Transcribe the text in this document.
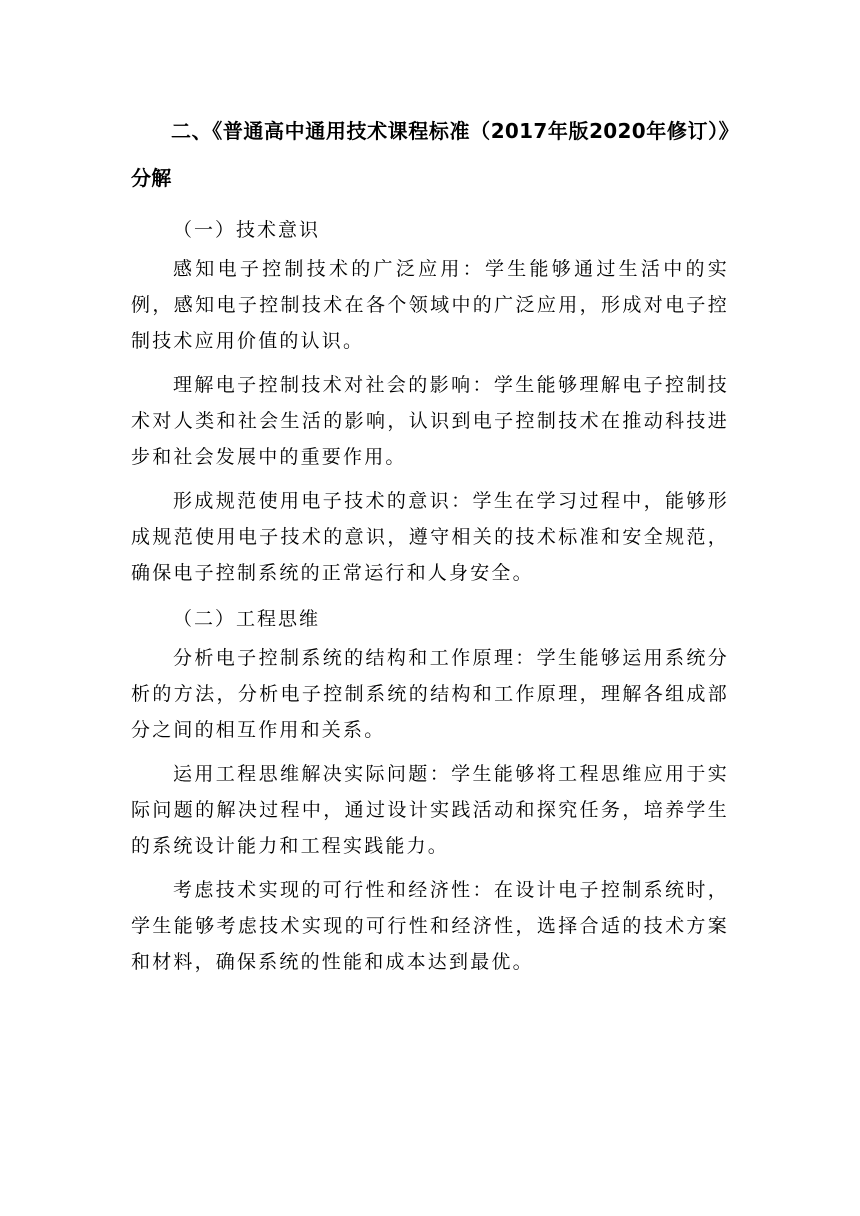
二、《普通高中通用技术课程标准（2017年版2020年修订）》分解
（一）技术意识

感知电子控制技术的广泛应用：学生能够通过生活中的实例，感知电子控制技术在各个领域中的广泛应用，形成对电子控制技术应用价值的认识。

理解电子控制技术对社会的影响：学生能够理解电子控制技术对人类和社会生活的影响，认识到电子控制技术在推动科技进步和社会发展中的重要作用。

形成规范使用电子技术的意识：学生在学习过程中，能够形成规范使用电子技术的意识，遵守相关的技术标准和安全规范，确保电子控制系统的正常运行和人身安全。

（二）工程思维

分析电子控制系统的结构和工作原理：学生能够运用系统分析的方法，分析电子控制系统的结构和工作原理，理解各组成部分之间的相互作用和关系。

运用工程思维解决实际问题：学生能够将工程思维应用于实际问题的解决过程中，通过设计实践活动和探究任务，培养学生的系统设计能力和工程实践能力。

考虑技术实现的可行性和经济性：在设计电子控制系统时，学生能够考虑技术实现的可行性和经济性，选择合适的技术方案和材料，确保系统的性能和成本达到最优。
